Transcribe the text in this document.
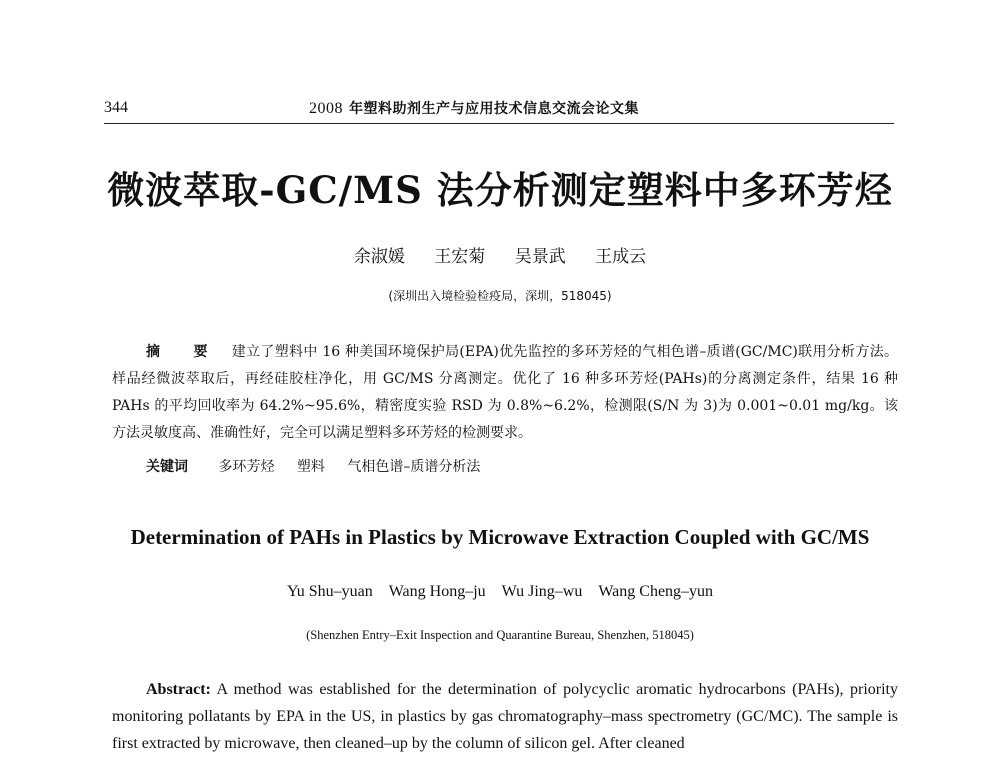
344	2008 年塑料助剂生产与应用技术信息交流会论文集
微波萃取-GC/MS 法分析测定塑料中多环芳烃
余淑媛 王宏菊 吴景武 王成云
(深圳出入境检验检疫局，深圳，518045)
摘 要 建立了塑料中 16 种美国环境保护局(EPA)优先监控的多环芳烃的气相色谱–质谱(GC/MC)联用分析方法。样品经微波萃取后，再经硅胶柱净化，用 GC/MS 分离测定。优化了 16 种多环芳烃(PAHs)的分离测定条件，结果 16 种 PAHs 的平均回收率为 64.2%~95.6%，精密度实验 RSD 为 0.8%~6.2%，检测限(S/N 为 3)为 0.001~0.01 mg/kg。该方法灵敏度高、准确性好，完全可以满足塑料多环芳烃的检测要求。
关键词 多环芳烃 塑料 气相色谱–质谱分析法
Determination of PAHs in Plastics by Microwave Extraction Coupled with GC/MS
Yu Shu–yuan Wang Hong–ju Wu Jing–wu Wang Cheng–yun
(Shenzhen Entry–Exit Inspection and Quarantine Bureau, Shenzhen, 518045)
Abstract: A method was established for the determination of polycyclic aromatic hydrocarbons (PAHs), priority monitoring pollatants by EPA in the US, in plastics by gas chromatography–mass spectrometry (GC/MC). The sample is first extracted by microwave, then cleaned–up by the column of silicon gel. After cleaned
